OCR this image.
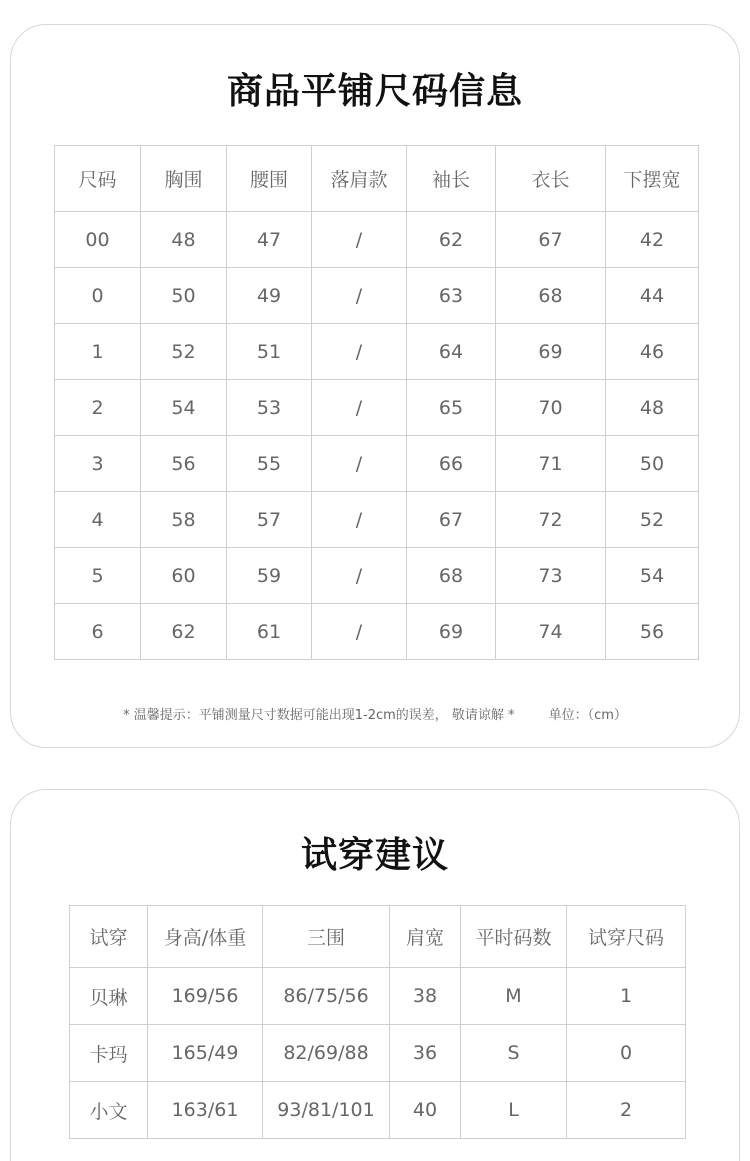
商品平铺尺码信息
尺码	胸围	腰围	落肩款	袖长	衣长	下摆宽
00	48	47	/	62	67	42
0	50	49	/	63	68	44
1	52	51	/	64	69	46
2	54	53	/	65	70	48
3	56	55	/	66	71	50
4	58	57	/	67	72	52
5	60	59	/	68	73	54
6	62	61	/	69	74	56
* 温馨提示：平铺测量尺寸数据可能出现1-2cm的误差， 敬请谅解 *	单位：（cm）
试穿建议
试穿	身高/体重	三围	肩宽	平时码数	试穿尺码
贝琳	169/56	86/75/56	38	M	1
卡玛	165/49	82/69/88	36	S	0
小文	163/61	93/81/101	40	L	2
